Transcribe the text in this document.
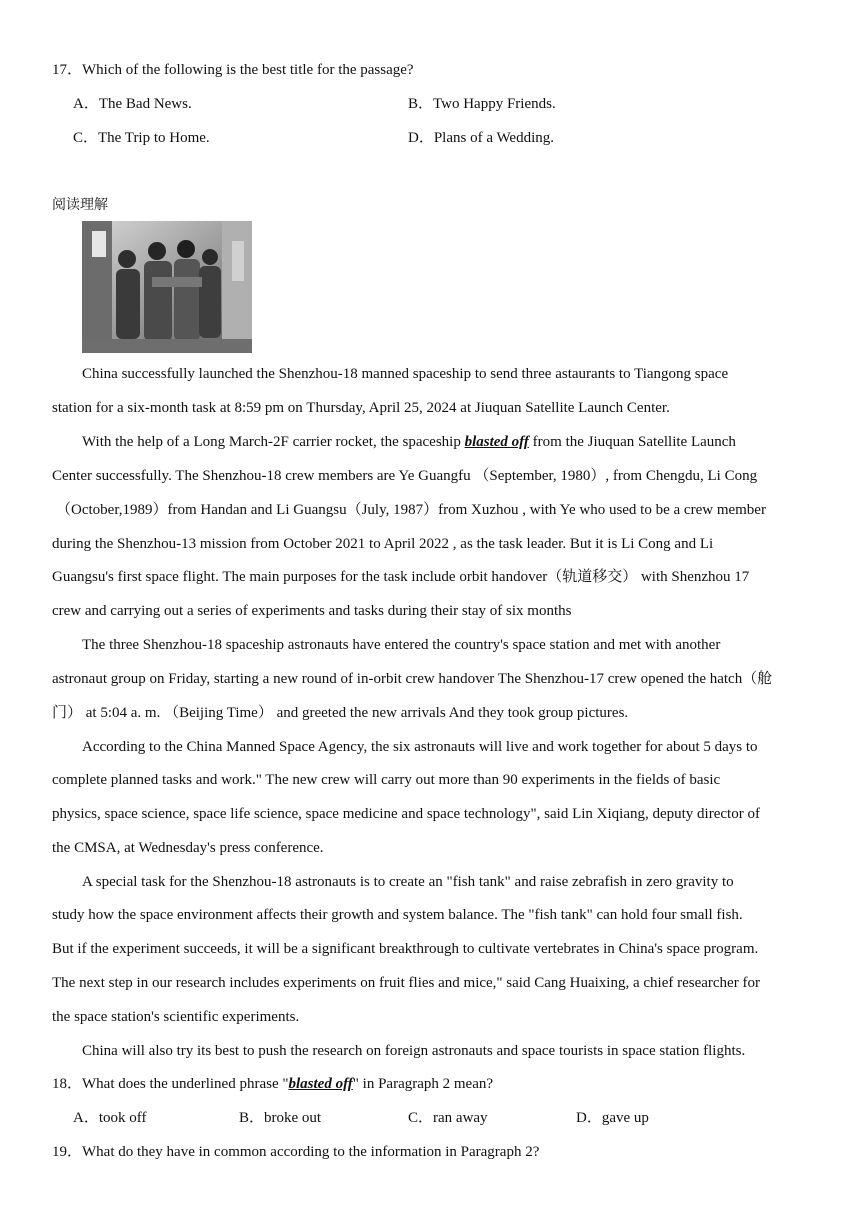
17．Which of the following is the best title for the passage?
A．The Bad News.	B．Two Happy Friends.
C．The Trip to Home.	D．Plans of a Wedding.
阅读理解
China successfully launched the Shenzhou-18 manned spaceship to send three astaurants to Tiangong space
station for a six-month task at 8:59 pm on Thursday, April 25, 2024 at Jiuquan Satellite Launch Center.
With the help of a Long March-2F carrier rocket, the spaceship blasted off from the Jiuquan Satellite Launch
Center successfully. The Shenzhou-18 crew members are Ye Guangfu （September, 1980）, from Chengdu, Li Cong
（October,1989）from Handan and Li Guangsu（July, 1987）from Xuzhou , with Ye who used to be a crew member
during the Shenzhou-13 mission from October 2021 to April 2022 , as the task leader. But it is Li Cong and Li
Guangsu's first space flight. The main purposes for the task include orbit handover（轨道移交） with Shenzhou 17
crew and carrying out a series of experiments and tasks during their stay of six months
The three Shenzhou-18 spaceship astronauts have entered the country's space station and met with another
astronaut group on Friday, starting a new round of in-orbit crew handover The Shenzhou-17 crew opened the hatch（舱
门） at 5:04 a. m. （Beijing Time） and greeted the new arrivals And they took group pictures.
According to the China Manned Space Agency, the six astronauts will live and work together for about 5 days to
complete planned tasks and work." The new crew will carry out more than 90 experiments in the fields of basic
physics, space science, space life science, space medicine and space technology", said Lin Xiqiang, deputy director of
the CMSA, at Wednesday's press conference.
A special task for the Shenzhou-18 astronauts is to create an "fish tank" and raise zebrafish in zero gravity to
study how the space environment affects their growth and system balance. The "fish tank" can hold four small fish.
But if the experiment succeeds, it will be a significant breakthrough to cultivate vertebrates in China's space program.
The next step in our research includes experiments on fruit flies and mice," said Cang Huaixing, a chief researcher for
the space station's scientific experiments.
China will also try its best to push the research on foreign astronauts and space tourists in space station flights.
18．What does the underlined phrase "blasted off" in Paragraph 2 mean?
A．took off	B．broke out	C．ran away	D．gave up
19．What do they have in common according to the information in Paragraph 2?
